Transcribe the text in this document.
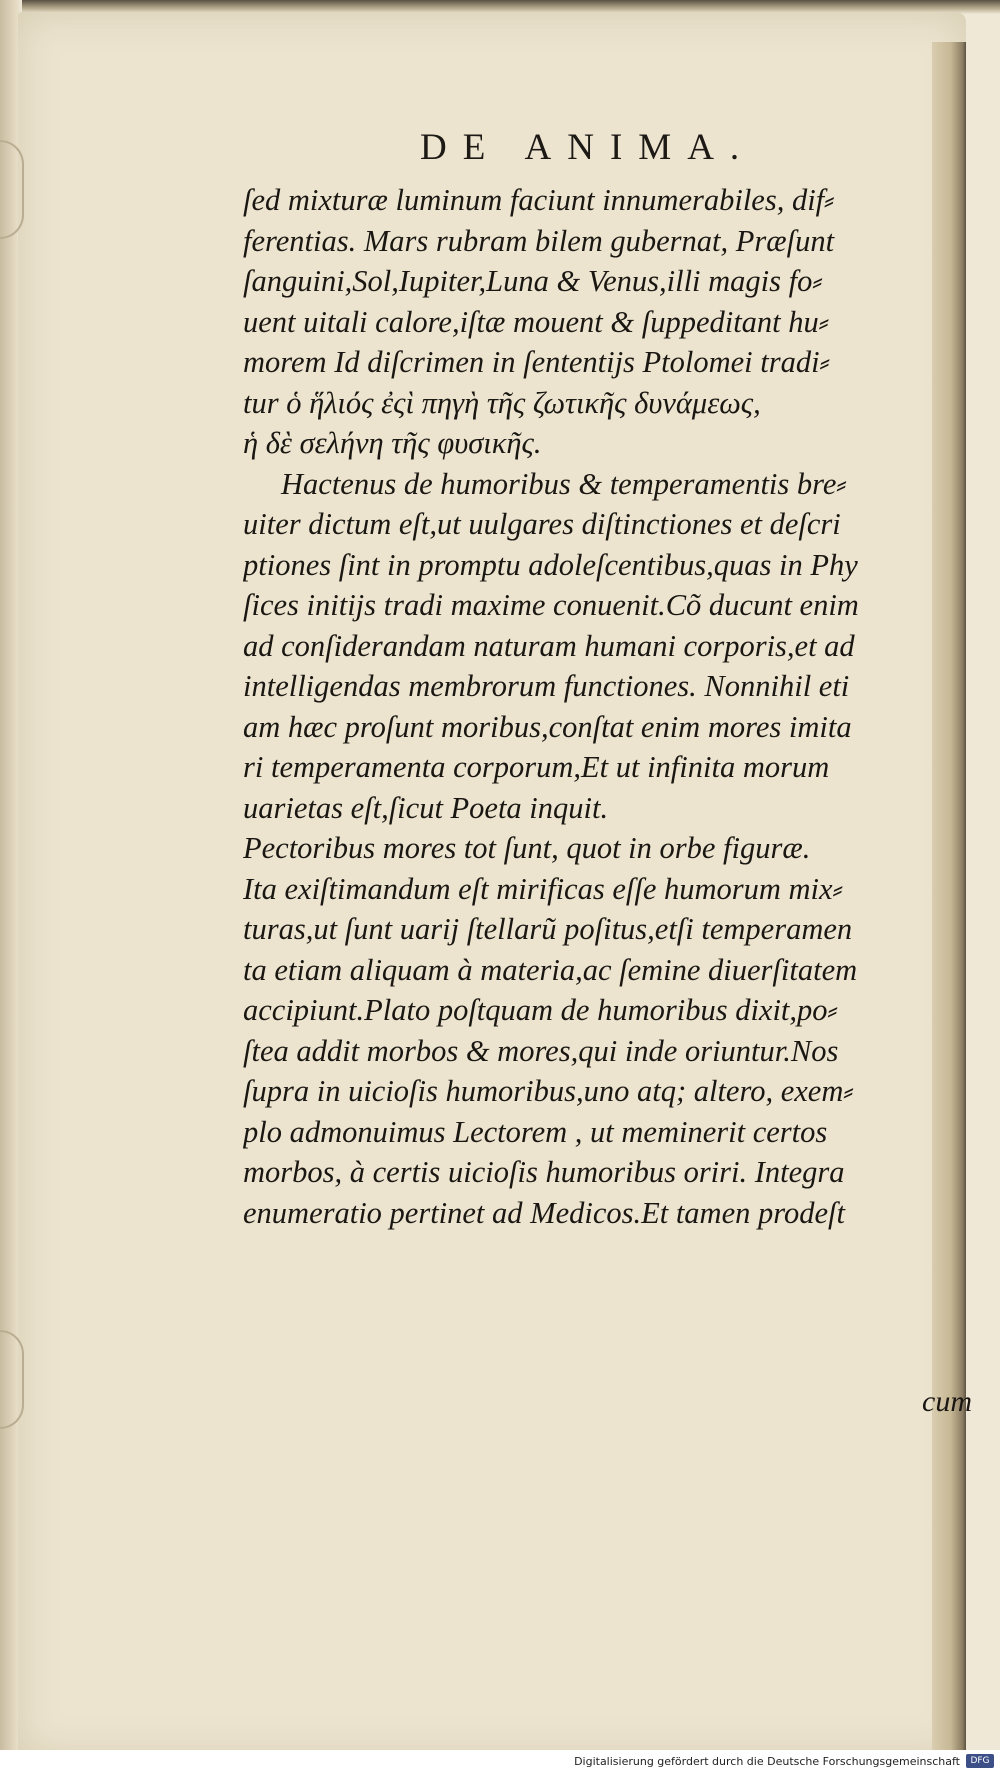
DE ANIMA.
ſed mixturæ luminum faciunt innumerabiles, dif⸗
ferentias. Mars rubram bilem gubernat, Præſunt
ſanguini,Sol,Iupiter,Luna & Venus,illi magis fo⸗
uent uitali calore,iſtæ mouent & ſuppeditant hu⸗
morem Id diſcrimen in ſententijs Ptolomei tradi⸗
tur ὁ ἥλιός ἐςὶ πηγὴ τῆς ζωτικῆς δυνάμεως,
ἡ δὲ σελήνη τῆς φυσικῆς.
Hactenus de humoribus & temperamentis bre⸗
uiter dictum eſt,ut uulgares diſtinctiones et deſcri
ptiones ſint in promptu adoleſcentibus,quas in Phy
ſices initijs tradi maxime conuenit.Cõ ducunt enim
ad conſiderandam naturam humani corporis,et ad
intelligendas membrorum functiones. Nonnihil eti
am hæc proſunt moribus,conſtat enim mores imita
ri temperamenta corporum,Et ut infinita morum
uarietas eſt,ſicut Poeta inquit.
Pectoribus mores tot ſunt, quot in orbe figuræ.
Ita exiſtimandum eſt mirificas eſſe humorum mix⸗
turas,ut ſunt uarij ſtellarũ poſitus,etſi temperamen
ta etiam aliquam à materia,ac ſemine diuerſitatem
accipiunt.Plato poſtquam de humoribus dixit,po⸗
ſtea addit morbos & mores,qui inde oriuntur.Nos
ſupra in uicioſis humoribus,uno atq; altero, exem⸗
plo admonuimus Lectorem , ut meminerit certos
morbos, à certis uicioſis humoribus oriri. Integra
enumeratio pertinet ad Medicos.Et tamen prodeſt
cum
Digitalisierung gefördert durch die Deutsche Forschungsgemeinschaft	DFG
